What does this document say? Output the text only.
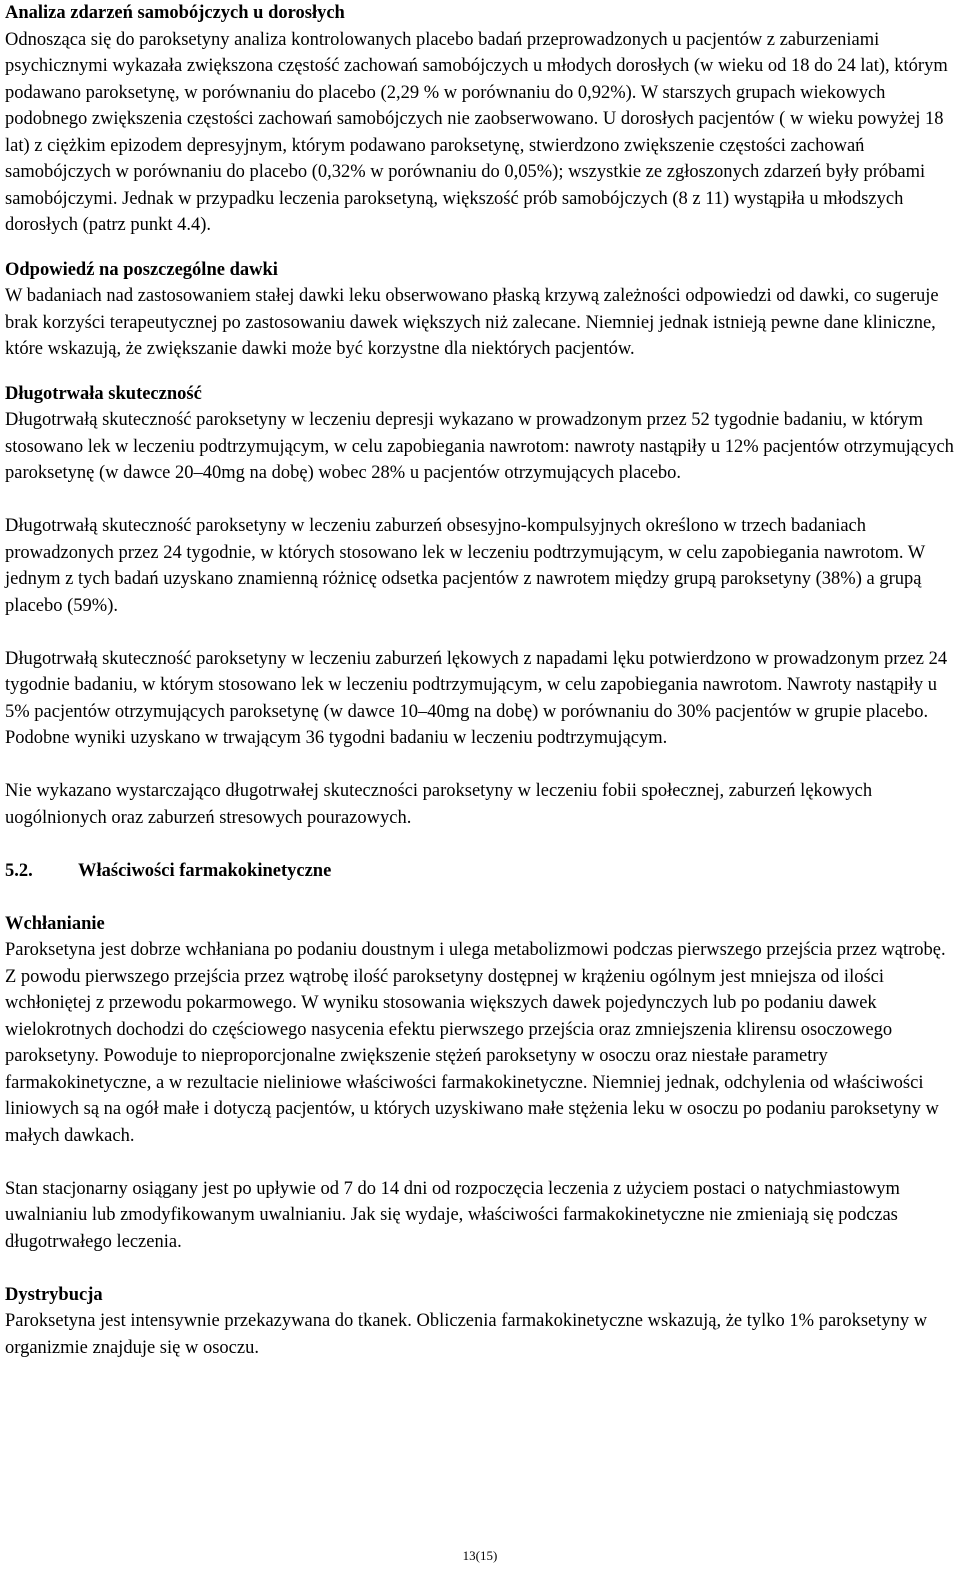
Analiza zdarzeń samobójczych u dorosłych

Odnosząca się do paroksetyny analiza kontrolowanych placebo badań przeprowadzonych u pacjentów z zaburzeniami psychicznymi wykazała zwiększona częstość zachowań samobójczych u młodych dorosłych (w wieku od 18 do 24 lat), którym podawano paroksetynę, w porównaniu do placebo (2,29 % w porównaniu do 0,92%). W starszych grupach wiekowych podobnego zwiększenia częstości zachowań samobójczych nie zaobserwowano. U dorosłych pacjentów ( w wieku powyżej 18 lat) z ciężkim epizodem depresyjnym, którym podawano paroksetynę, stwierdzono zwiększenie częstości zachowań samobójczych w porównaniu do placebo (0,32% w porównaniu do 0,05%); wszystkie ze zgłoszonych zdarzeń były próbami samobójczymi. Jednak w przypadku leczenia paroksetyną, większość prób samobójczych (8 z 11) wystąpiła u młodszych dorosłych (patrz punkt 4.4).

Odpowiedź na poszczególne dawki

W badaniach nad zastosowaniem stałej dawki leku obserwowano płaską krzywą zależności odpowiedzi od dawki, co sugeruje brak korzyści terapeutycznej po zastosowaniu dawek większych niż zalecane. Niemniej jednak istnieją pewne dane kliniczne, które wskazują, że zwiększanie dawki może być korzystne dla niektórych pacjentów.

Długotrwała skuteczność

Długotrwałą skuteczność paroksetyny w leczeniu depresji wykazano w prowadzonym przez 52 tygodnie badaniu, w którym stosowano lek w leczeniu podtrzymującym, w celu zapobiegania nawrotom: nawroty nastąpiły u 12% pacjentów otrzymujących paroksetynę (w dawce 20–40mg na dobę) wobec 28% u pacjentów otrzymujących placebo.

Długotrwałą skuteczność paroksetyny w leczeniu zaburzeń obsesyjno-kompulsyjnych określono w trzech badaniach prowadzonych przez 24 tygodnie, w których stosowano lek w leczeniu podtrzymującym, w celu zapobiegania nawrotom. W jednym z tych badań uzyskano znamienną różnicę odsetka pacjentów z nawrotem między grupą paroksetyny (38%) a grupą placebo (59%).

Długotrwałą skuteczność paroksetyny w leczeniu zaburzeń lękowych z napadami lęku potwierdzono w prowadzonym przez 24 tygodnie badaniu, w którym stosowano lek w leczeniu podtrzymującym, w celu zapobiegania nawrotom. Nawroty nastąpiły u 5% pacjentów otrzymujących paroksetynę (w dawce 10–40mg na dobę) w porównaniu do 30% pacjentów w grupie placebo. Podobne wyniki uzyskano w trwającym 36 tygodni badaniu w leczeniu podtrzymującym.

Nie wykazano wystarczająco długotrwałej skuteczności paroksetyny w leczeniu fobii społecznej, zaburzeń lękowych uogólnionych oraz zaburzeń stresowych pourazowych.

5.2.	Właściwości farmakokinetyczne

Wchłanianie

Paroksetyna jest dobrze wchłaniana po podaniu doustnym i ulega metabolizmowi podczas pierwszego przejścia przez wątrobę. Z powodu pierwszego przejścia przez wątrobę ilość paroksetyny dostępnej w krążeniu ogólnym jest mniejsza od ilości wchłoniętej z przewodu pokarmowego. W wyniku stosowania większych dawek pojedynczych lub po podaniu dawek wielokrotnych dochodzi do częściowego nasycenia efektu pierwszego przejścia oraz zmniejszenia klirensu osoczowego paroksetyny. Powoduje to nieproporcjonalne zwiększenie stężeń paroksetyny w osoczu oraz niestałe parametry farmakokinetyczne, a w rezultacie nieliniowe właściwości farmakokinetyczne. Niemniej jednak, odchylenia od właściwości liniowych są na ogół małe i dotyczą pacjentów, u których uzyskiwano małe stężenia leku w osoczu po podaniu paroksetyny w małych dawkach.

Stan stacjonarny osiągany jest po upływie od 7 do 14 dni od rozpoczęcia leczenia z użyciem postaci o natychmiastowym uwalnianiu lub zmodyfikowanym uwalnianiu. Jak się wydaje, właściwości farmakokinetyczne nie zmieniają się podczas długotrwałego leczenia.

Dystrybucja

Paroksetyna jest intensywnie przekazywana do tkanek. Obliczenia farmakokinetyczne wskazują, że tylko 1% paroksetyny w organizmie znajduje się w osoczu.

13(15)
